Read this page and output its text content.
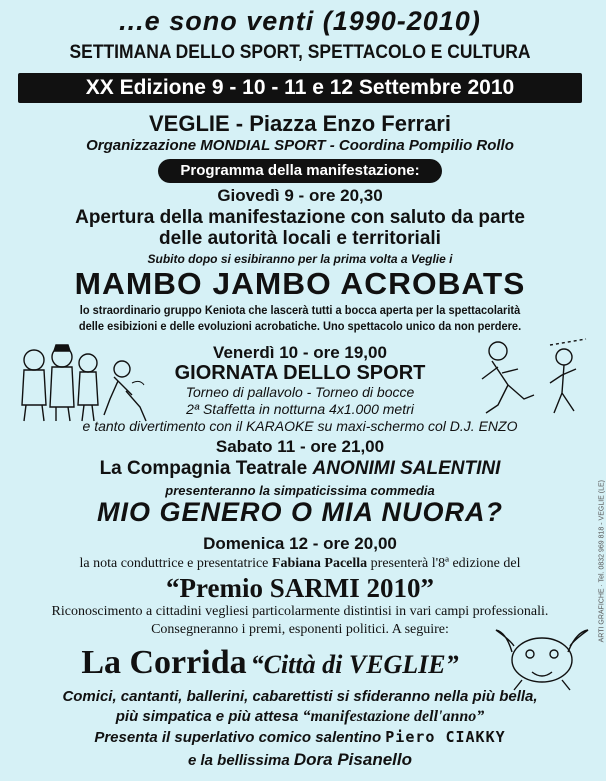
...e sono venti (1990-2010)
SETTIMANA DELLO SPORT, SPETTACOLO E CULTURA
XX Edizione 9 - 10 - 11 e 12 Settembre 2010
VEGLIE - Piazza Enzo Ferrari
Organizzazione MONDIAL SPORT - Coordina Pompilio Rollo
Programma della manifestazione:
Giovedì 9 - ore 20,30
Apertura della manifestazione con saluto da parte
delle autorità locali e territoriali
Subito dopo si esibiranno per la prima volta a Veglie i
MAMBO JAMBO ACROBATS
lo straordinario gruppo Keniota che lascerà tutti a bocca aperta per la spettacolarità
delle esibizioni e delle evoluzioni acrobatiche. Uno spettacolo unico da non perdere.
Venerdì 10 - ore 19,00
GIORNATA DELLO SPORT
Torneo di pallavolo - Torneo di bocce
2ª Staffetta in notturna 4x1.000 metri
e tanto divertimento con il KARAOKE su maxi-schermo col D.J. ENZO
Sabato 11 - ore 21,00
La Compagnia Teatrale ANONIMI SALENTINI
presenteranno la simpaticissima commedia
MIO GENERO O MIA NUORA?
Domenica 12 - ore 20,00
la nota conduttrice e presentatrice Fabiana Pacella presenterà l'8ª edizione del
“Premio SARMI 2010”
Riconoscimento a cittadini vegliesi particolarmente distintisi in vari campi professionali.
Consegneranno i premi, esponenti politici. A seguire:
La Corrida “Città di VEGLIE”
Comici, cantanti, ballerini, cabarettisti si sfideranno nella più bella,
più simpatica e più attesa “manifestazione dell'anno”
Presenta il superlativo comico salentino Piero CIAKKY
e la bellissima Dora Pisanello
ARTI GRAFICHE · Tel. 0832 969 818 - VEGLIE (LE)
